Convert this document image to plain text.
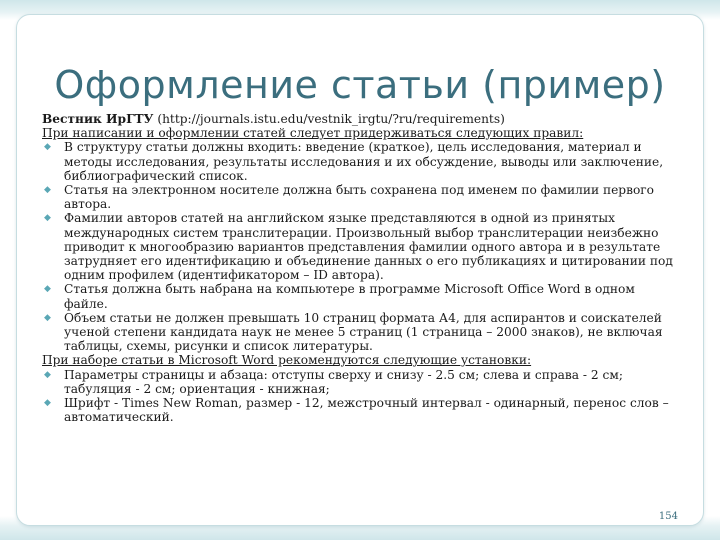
Оформление статьи (пример)

Вестник ИрГТУ (http://journals.istu.edu/vestnik_irgtu/?ru/requirements)

При написании и оформлении статей следует придерживаться следующих правил:

◆ В структуру статьи должны входить: введение (краткое), цель исследования, материал и методы исследования, результаты исследования и их обсуждение, выводы или заключение, библиографический список.
◆ Статья на электронном носителе должна быть сохранена под именем по фамилии первого автора.
◆ Фамилии авторов статей на английском языке представляются в одной из принятых международных систем транслитерации. Произвольный выбор транслитерации неизбежно приводит к многообразию вариантов представления фамилии одного автора и в результате затрудняет его идентификацию и объединение данных о его публикациях и цитировании под одним профилем (идентификатором – ID автора).
◆ Статья должна быть набрана на компьютере в программе Microsoft Office Word в одном файле.
◆ Объем статьи не должен превышать 10 страниц формата А4, для аспирантов и соискателей ученой степени кандидата наук не менее 5 страниц (1 страница – 2000 знаков), не включая таблицы, схемы, рисунки и список литературы.

При наборе статьи в Microsoft Word рекомендуются следующие установки:

◆ Параметры страницы и абзаца: отступы сверху и снизу - 2.5 см; слева и справа - 2 см; табуляция - 2 см; ориентация - книжная;
◆ Шрифт - Times New Roman, размер - 12, межстрочный интервал - одинарный, перенос слов – автоматический.
154
